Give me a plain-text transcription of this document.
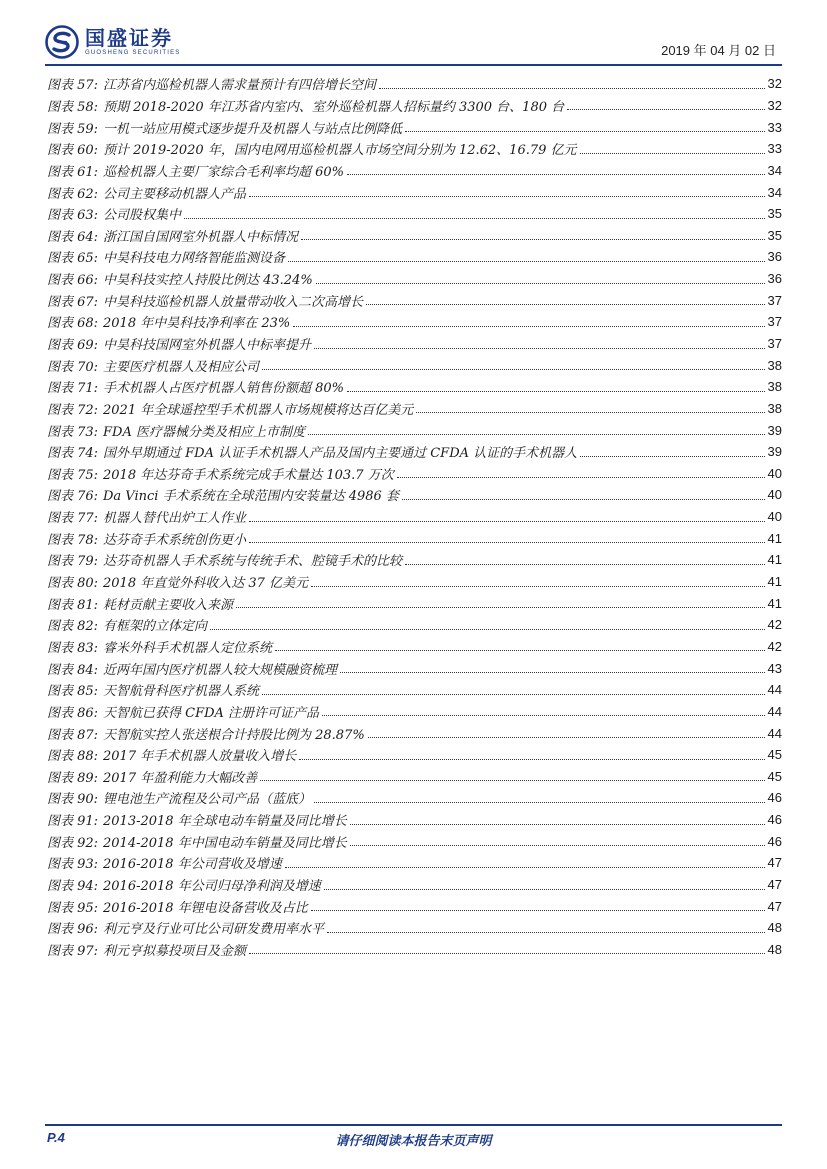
国盛证券
GUOSHENG SECURITIES	2019 年 04 月 02 日
图表 57: 江苏省内巡检机器人需求量预计有四倍增长空间	32
图表 58: 预期 2018-2020 年江苏省内室内、室外巡检机器人招标量约 3300 台、180 台	32
图表 59: 一机一站应用模式逐步提升及机器人与站点比例降低	33
图表 60: 预计 2019-2020 年，国内电网用巡检机器人市场空间分别为 12.62、16.79 亿元	33
图表 61: 巡检机器人主要厂家综合毛利率均超 60%	34
图表 62: 公司主要移动机器人产品	34
图表 63: 公司股权集中	35
图表 64: 浙江国自国网室外机器人中标情况	35
图表 65: 中昊科技电力网络智能监测设备	36
图表 66: 中昊科技实控人持股比例达 43.24%	36
图表 67: 中昊科技巡检机器人放量带动收入二次高增长	37
图表 68: 2018 年中昊科技净利率在 23%	37
图表 69: 中昊科技国网室外机器人中标率提升	37
图表 70: 主要医疗机器人及相应公司	38
图表 71: 手术机器人占医疗机器人销售份额超 80%	38
图表 72: 2021 年全球遥控型手术机器人市场规模将达百亿美元	38
图表 73: FDA 医疗器械分类及相应上市制度	39
图表 74: 国外早期通过 FDA 认证手术机器人产品及国内主要通过 CFDA 认证的手术机器人	39
图表 75: 2018 年达芬奇手术系统完成手术量达 103.7 万次	40
图表 76: Da Vinci 手术系统在全球范围内安装量达 4986 套	40
图表 77: 机器人替代出炉工人作业	40
图表 78: 达芬奇手术系统创伤更小	41
图表 79: 达芬奇机器人手术系统与传统手术、腔镜手术的比较	41
图表 80: 2018 年直觉外科收入达 37 亿美元	41
图表 81: 耗材贡献主要收入来源	41
图表 82: 有框架的立体定向	42
图表 83: 睿米外科手术机器人定位系统	42
图表 84: 近两年国内医疗机器人较大规模融资梳理	43
图表 85: 天智航骨科医疗机器人系统	44
图表 86: 天智航已获得 CFDA 注册许可证产品	44
图表 87: 天智航实控人张送根合计持股比例为 28.87%	44
图表 88: 2017 年手术机器人放量收入增长	45
图表 89: 2017 年盈利能力大幅改善	45
图表 90: 锂电池生产流程及公司产品（蓝底）	46
图表 91: 2013-2018 年全球电动车销量及同比增长	46
图表 92: 2014-2018 年中国电动车销量及同比增长	46
图表 93: 2016-2018 年公司营收及增速	47
图表 94: 2016-2018 年公司归母净利润及增速	47
图表 95: 2016-2018 年锂电设备营收及占比	47
图表 96: 利元亨及行业可比公司研发费用率水平	48
图表 97: 利元亨拟募投项目及金额	48
P.4	请仔细阅读本报告末页声明
